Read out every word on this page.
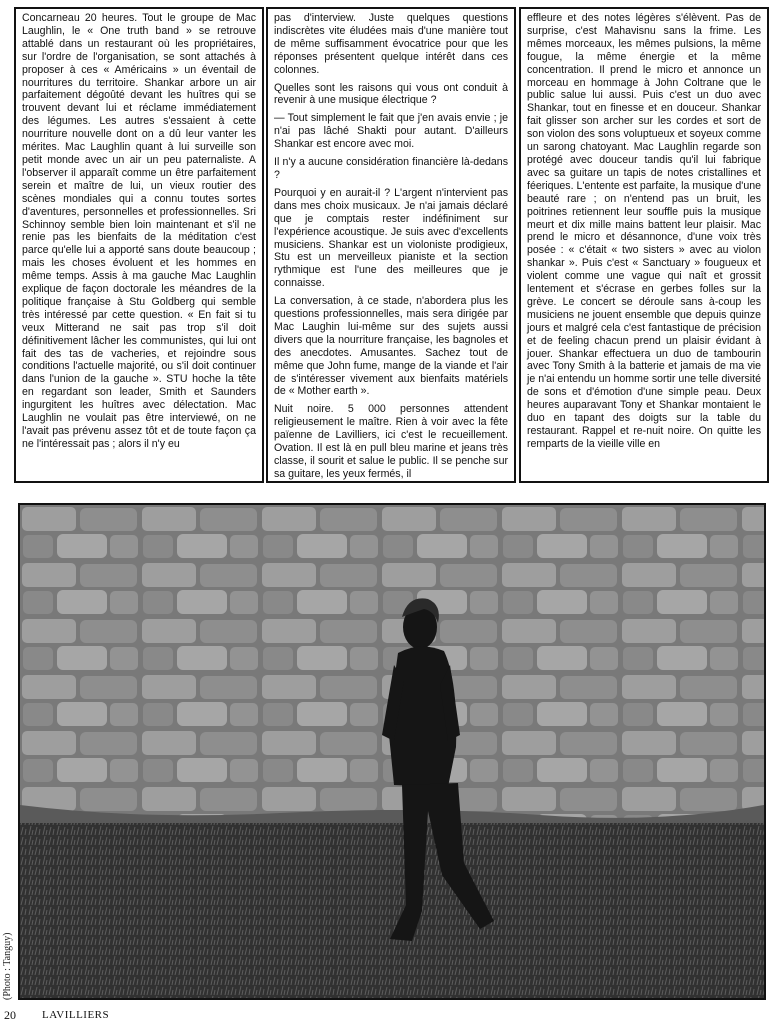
Concarneau 20 heures. Tout le groupe de Mac Laughlin, le « One truth band » se retrouve attablé dans un restaurant où les propriétaires, sur l'ordre de l'organisation, se sont attachés à proposer à ces « Américains » un éventail de nourritures du territoire. Shankar arbore un air parfaitement dégoûté devant les huîtres qui se trouvent devant lui et réclame immédiatement des légumes. Les autres s'essaient à cette nourriture nouvelle dont on a dû leur vanter les mérites. Mac Laughlin quant à lui surveille son petit monde avec un air un peu paternaliste. A l'observer il apparaît comme un être parfaitement serein et maître de lui, un vieux routier des scènes mondiales qui a connu toutes sortes d'aventures, personnelles et professionnelles. Sri Schinnoy semble bien loin maintenant et s'il ne renie pas les bienfaits de la méditation c'est parce qu'elle lui a apporté sans doute beaucoup ; mais les choses évoluent et les hommes en même temps. Assis à ma gauche Mac Laughlin explique de façon doctorale les méandres de la politique française à Stu Goldberg qui semble très intéressé par cette question. « En fait si tu veux Mitterand ne sait pas trop s'il doit définitivement lâcher les communistes, qui lui ont fait des tas de vacheries, et rejoindre sous conditions l'actuelle majorité, ou s'il doit continuer dans l'union de la gauche ». STU hoche la tête en regardant son leader, Smith et Saunders ingurgitent les huîtres avec délectation. Mac Laughlin ne voulait pas être interviewé, on ne l'avait pas prévenu assez tôt et de toute façon ça ne l'intéressait pas ; alors il n'y eu

pas d'interview. Juste quelques questions indiscrètes vite éludées mais d'une manière tout de même suffisamment évocatrice pour que les réponses présentent quelque intérêt dans ces colonnes.

Quelles sont les raisons qui vous ont conduit à revenir à une musique électrique ?

— Tout simplement le fait que j'en avais envie ; je n'ai pas lâché Shakti pour autant. D'ailleurs Shankar est encore avec moi.

Il n'y a aucune considération financière là-dedans ?

Pourquoi y en aurait-il ? L'argent n'intervient pas dans mes choix musicaux. Je n'ai jamais déclaré que je comptais rester indéfiniment sur l'expérience acoustique. Je suis avec d'excellents musiciens. Shankar est un violoniste prodigieux, Stu est un merveilleux pianiste et la section rythmique est l'une des meilleures que je connaisse.

La conversation, à ce stade, n'abordera plus les questions professionnelles, mais sera dirigée par Mac Laughin lui-même sur des sujets aussi divers que la nourriture française, les bagnoles et des anecdotes. Amusantes. Sachez tout de même que John fume, mange de la viande et l'air de s'intéresser vivement aux bienfaits matériels de « Mother earth ».

Nuit noire. 5 000 personnes attendent religieusement le maître. Rien à voir avec la fête païenne de Lavilliers, ici c'est le recueillement. Ovation. Il est là en pull bleu marine et jeans très classe, il sourit et salue le public. Il se penche sur sa guitare, les yeux fermés, il

effleure et des notes légères s'élèvent. Pas de surprise, c'est Mahavisnu sans la frime. Les mêmes morceaux, les mêmes pulsions, la même fougue, la même énergie et la même concentration. Il prend le micro et annonce un morceau en hommage à John Coltrane que le public salue lui aussi. Puis c'est un duo avec Shankar, tout en finesse et en douceur. Shankar fait glisser son archer sur les cordes et sort de son violon des sons voluptueux et soyeux comme un sarong chatoyant. Mac Laughlin regarde son protégé avec douceur tandis qu'il lui fabrique avec sa guitare un tapis de notes cristallines et féeriques. L'entente est parfaite, la musique d'une beauté rare ; on n'entend pas un bruit, les poitrines retiennent leur souffle puis la musique meurt et dix mille mains battent leur plaisir. Mac prend le micro et désannonce, d'une voix très posée : « c'était « two sisters » avec au violon shankar ». Puis c'est « Sanctuary » fougueux et violent comme une vague qui naît et grossit lentement et s'écrase en gerbes folles sur la grève. Le concert se déroule sans à-coup les musiciens ne jouent ensemble que depuis quinze jours et malgré cela c'est fantastique de précision et de feeling chacun prend un plaisir évidant à jouer. Shankar effectuera un duo de tambourin avec Tony Smith à la batterie et jamais de ma vie je n'ai entendu un homme sortir une telle diversité de sons et d'émotion d'une simple peau. Deux heures auparavant Tony et Shankar montaient le duo en tapant des doigts sur la table du restaurant. Rappel et re-nuit noire. On quitte les remparts de la vieille ville en

(Photo : Tanguy)
20 LAVILLIERS
